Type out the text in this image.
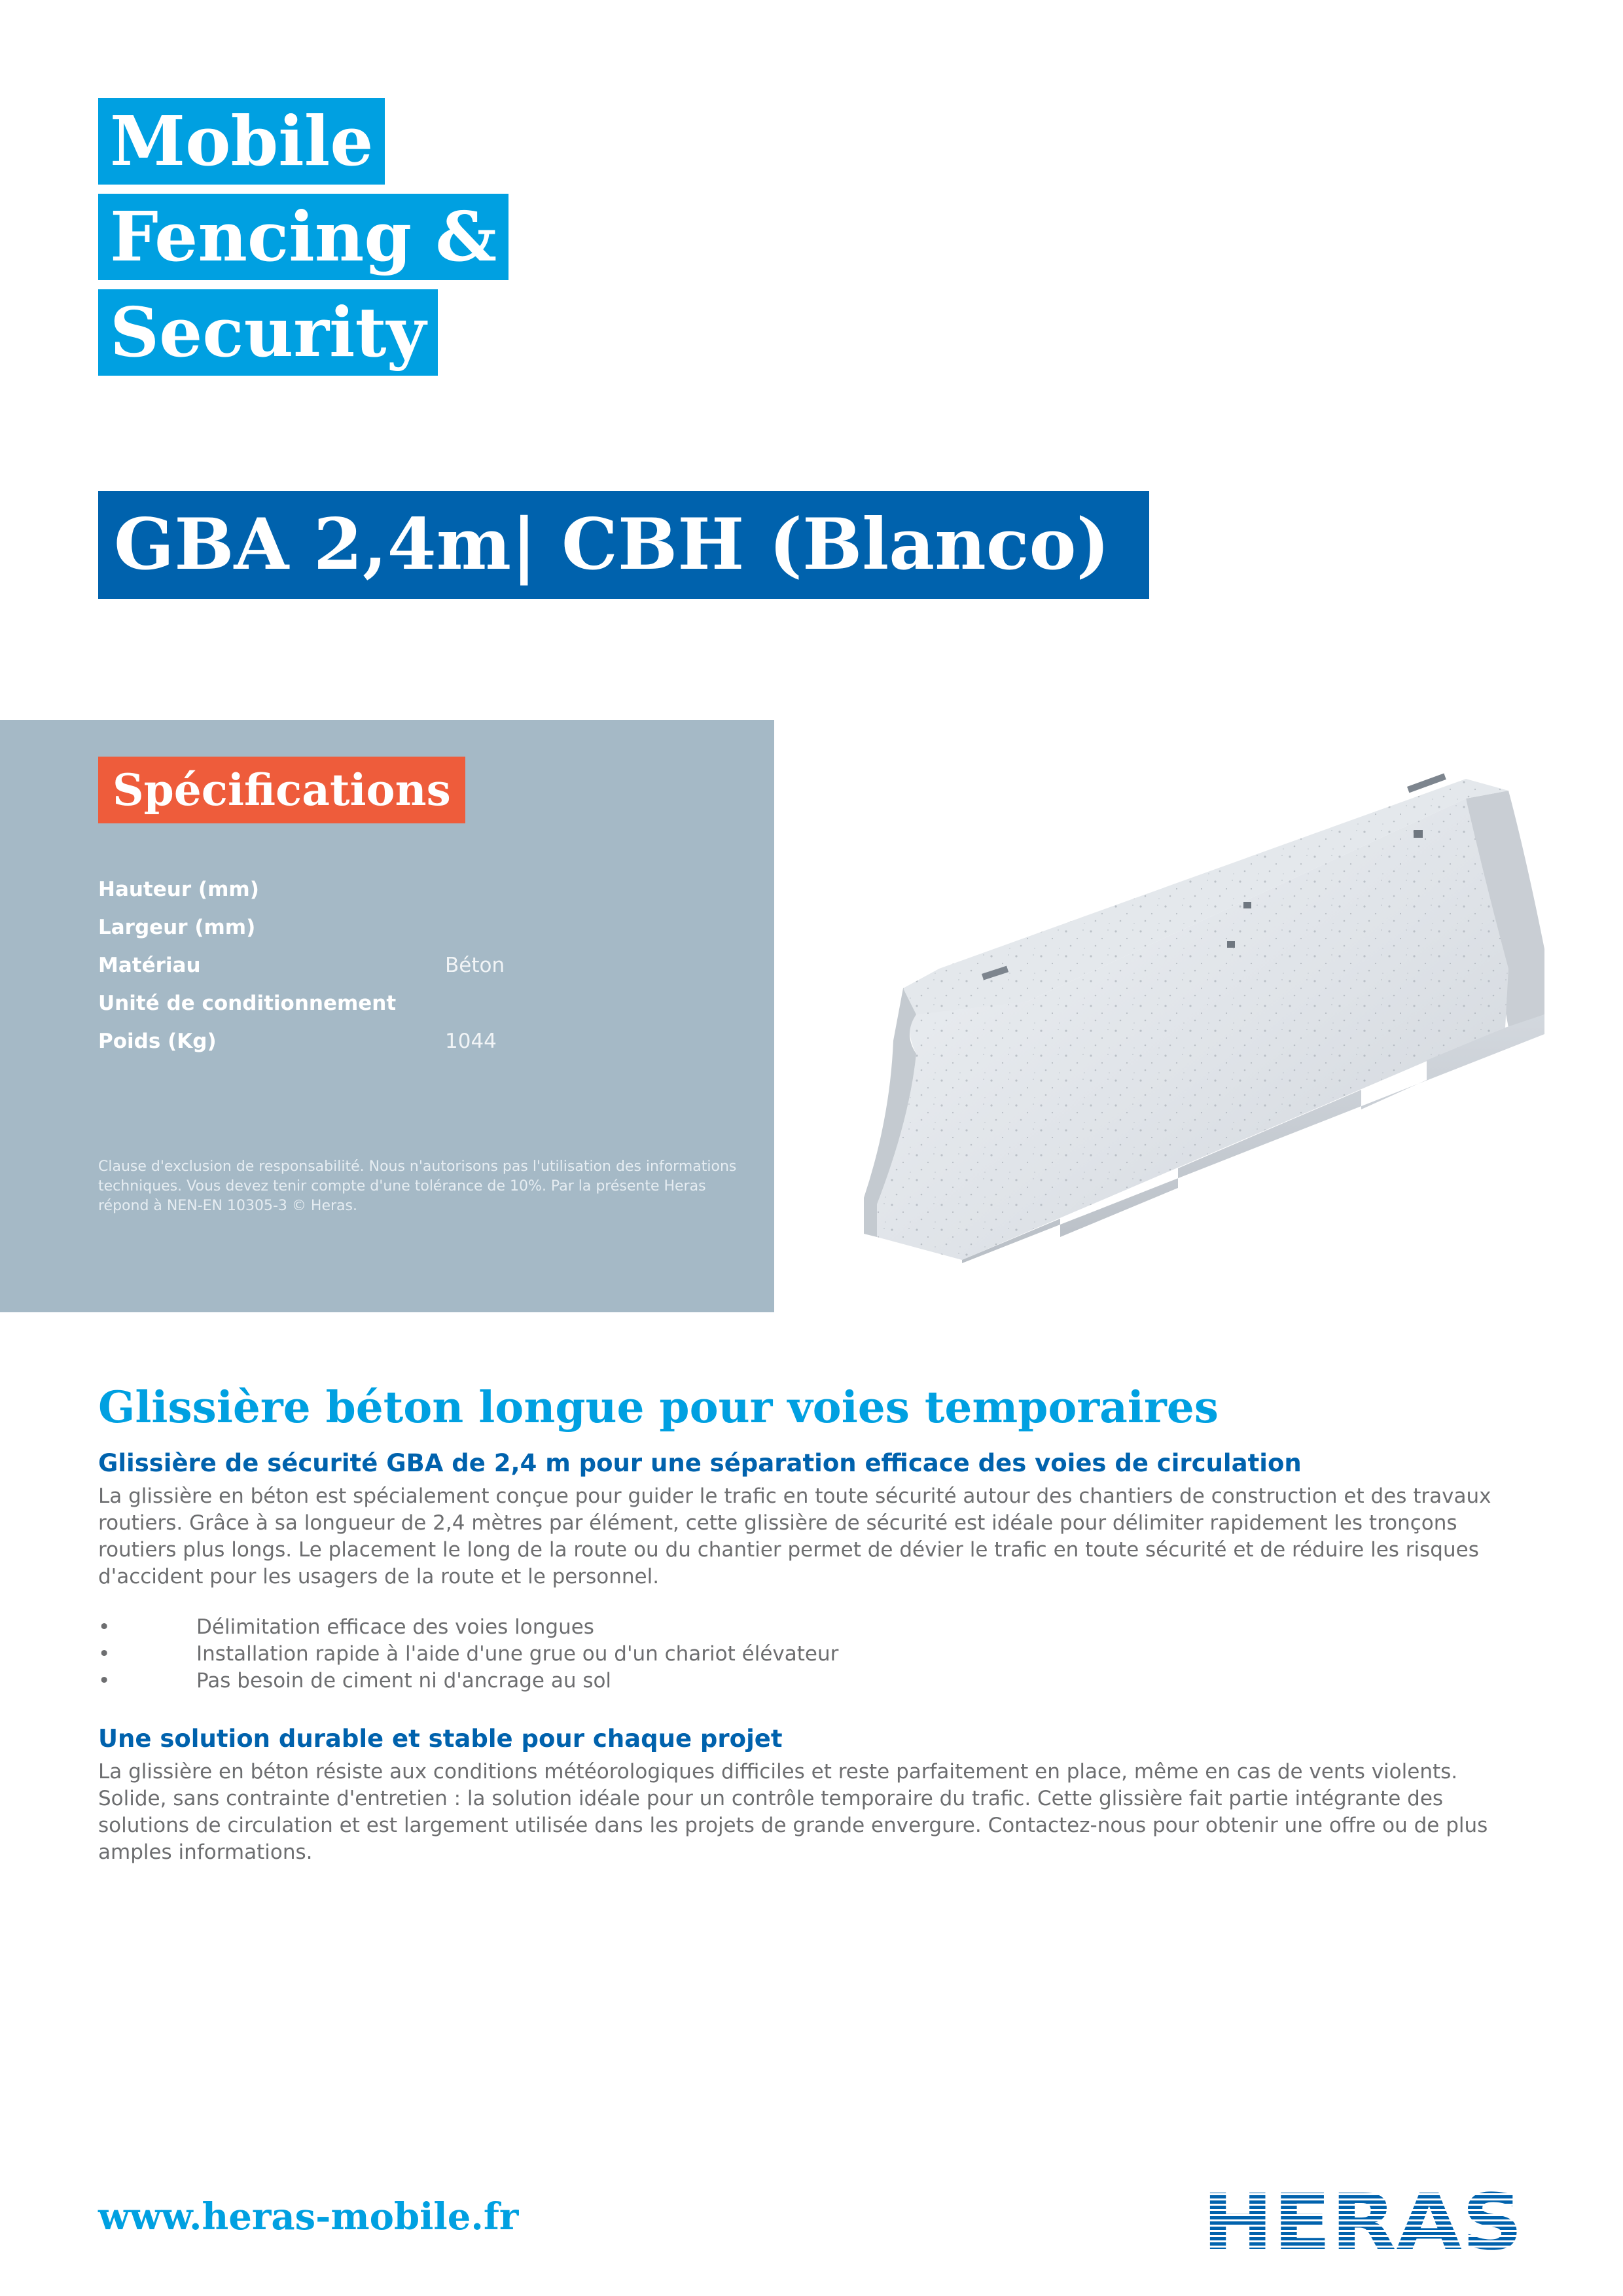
Mobile
Fencing &
Security
GBA 2,4m| CBH (Blanco)
Spécifications
Hauteur (mm)
Largeur (mm)
Matériau	Béton
Unité de conditionnement
Poids (Kg)	1044
Clause d'exclusion de responsabilité. Nous n'autorisons pas l'utilisation des informations techniques. Vous devez tenir compte d'une tolérance de 10%. Par la présente Heras répond à NEN-EN 10305-3 © Heras.
Glissière béton longue pour voies temporaires
Glissière de sécurité GBA de 2,4 m pour une séparation efficace des voies de circulation

La glissière en béton est spécialement conçue pour guider le trafic en toute sécurité autour des chantiers de construction et des travaux routiers. Grâce à sa longueur de 2,4 mètres par élément, cette glissière de sécurité est idéale pour délimiter rapidement les tronçons routiers plus longs. Le placement le long de la route ou du chantier permet de dévier le trafic en toute sécurité et de réduire les risques d'accident pour les usagers de la route et le personnel.

•	Délimitation efficace des voies longues
•	Installation rapide à l'aide d'une grue ou d'un chariot élévateur
•	Pas besoin de ciment ni d'ancrage au sol
Une solution durable et stable pour chaque projet

La glissière en béton résiste aux conditions météorologiques difficiles et reste parfaitement en place, même en cas de vents violents. Solide, sans contrainte d'entretien : la solution idéale pour un contrôle temporaire du trafic. Cette glissière fait partie intégrante des solutions de circulation et est largement utilisée dans les projets de grande envergure. Contactez-nous pour obtenir une offre ou de plus amples informations.

www.heras-mobile.fr	HERAS
